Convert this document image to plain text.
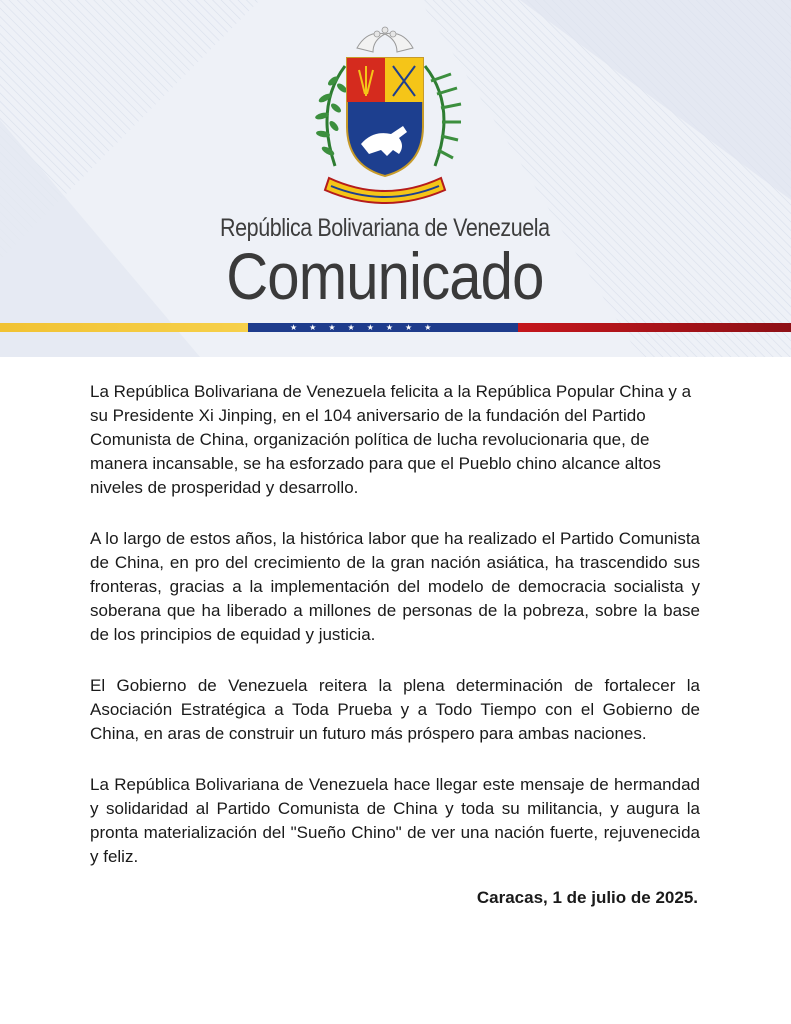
República Bolivariana de Venezuela
Comunicado
★★★★★★★★

La República Bolivariana de Venezuela felicita a la República Popular China y a su Presidente Xi Jinping, en el 104 aniversario de la fundación del Partido Comunista de China, organización política de lucha revolucionaria que, de manera incansable, se ha esforzado para que el Pueblo chino alcance altos niveles de prosperidad y desarrollo.

A lo largo de estos años, la histórica labor que ha realizado el Partido Comunista de China, en pro del crecimiento de la gran nación asiática, ha trascendido sus fronteras, gracias a la implementación del modelo de democracia socialista y soberana que ha liberado a millones de personas de la pobreza, sobre la base de los principios de equidad y justicia.

El Gobierno de Venezuela reitera la plena determinación de fortalecer la Asociación Estratégica a Toda Prueba y a Todo Tiempo con el Gobierno de China, en aras de construir un futuro más próspero para ambas naciones.

La República Bolivariana de Venezuela hace llegar este mensaje de hermandad y solidaridad al Partido Comunista de China y toda su militancia, y augura la pronta materialización del "Sueño Chino" de ver una nación fuerte, rejuvenecida y feliz.

Caracas, 1 de julio de 2025.
